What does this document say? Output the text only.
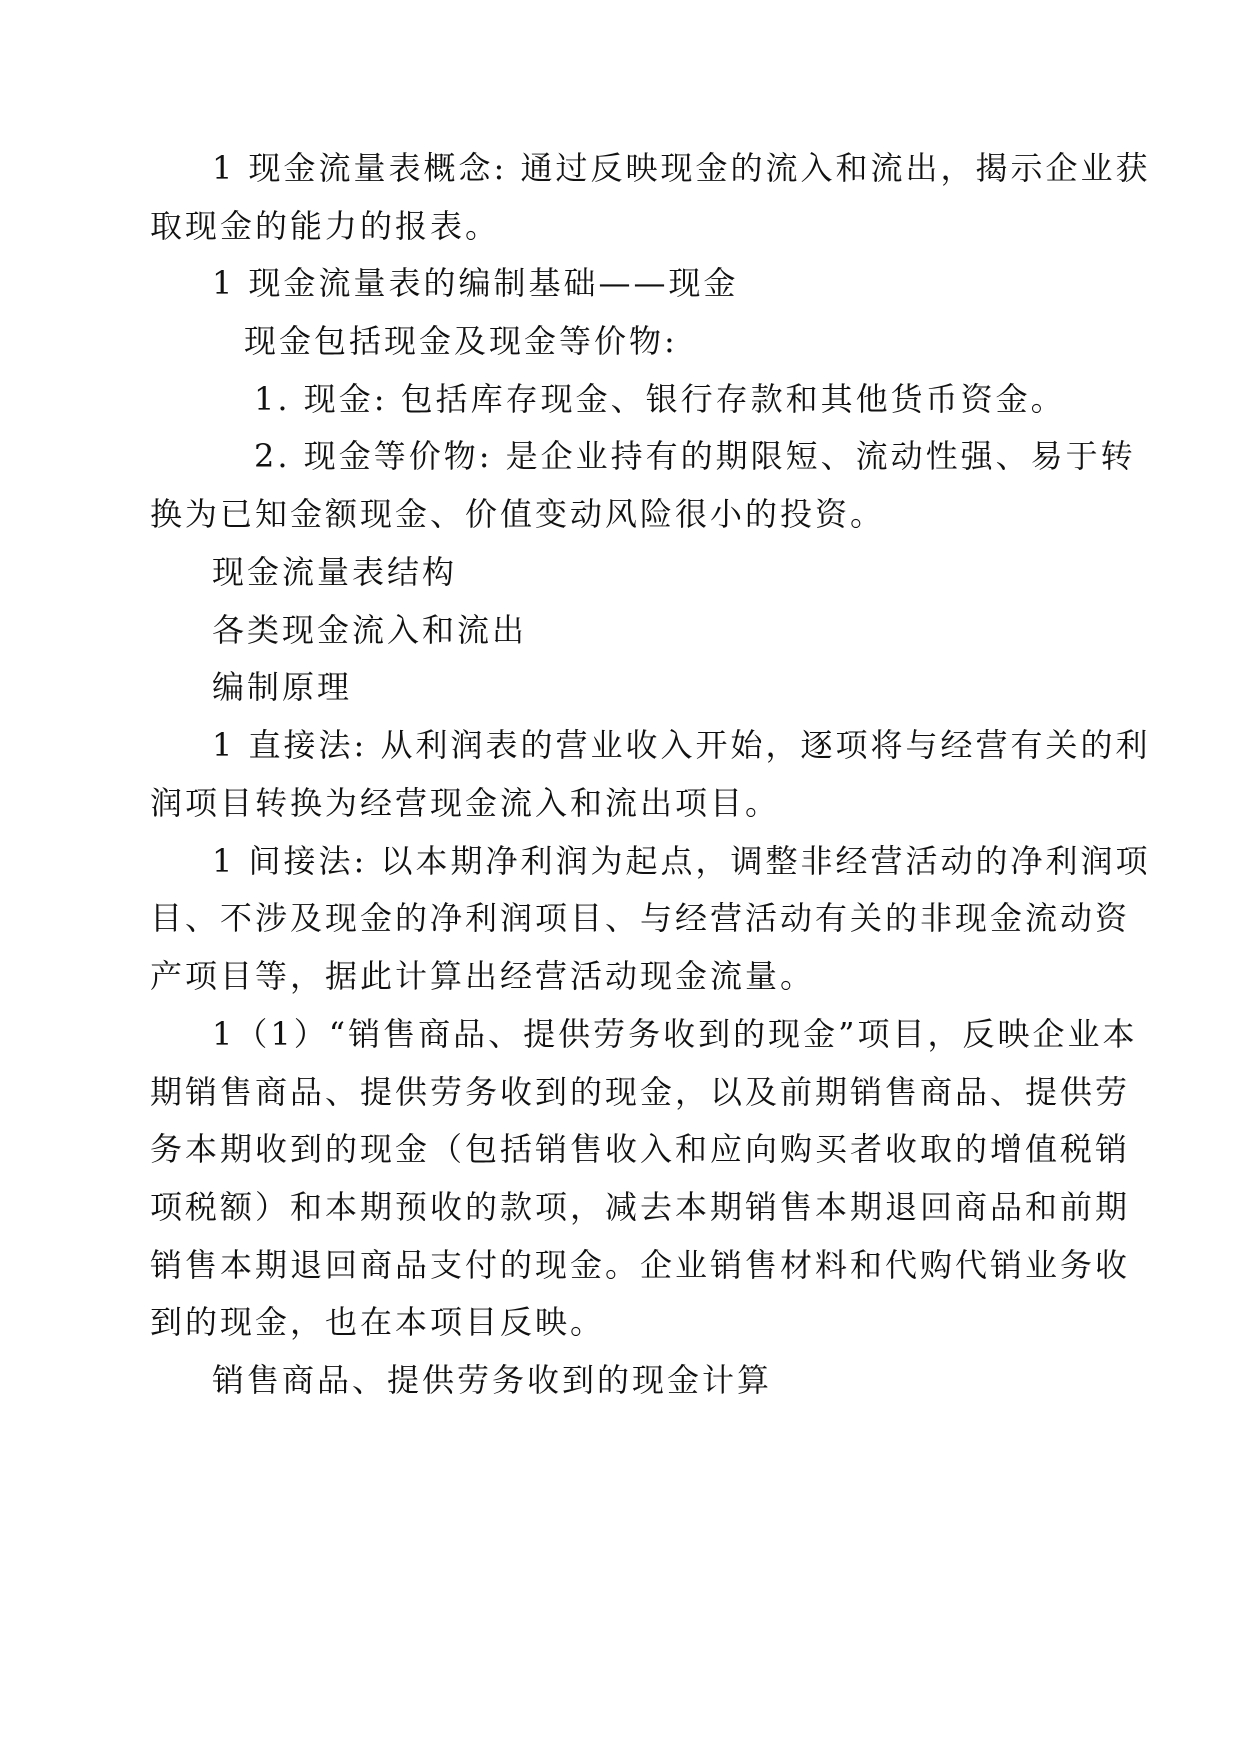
1 现金流量表概念: 通过反映现金的流入和流出，揭示企业获
取现金的能力的报表。
1 现金流量表的编制基础——现金
现金包括现金及现金等价物:
1. 现金: 包括库存现金、银行存款和其他货币资金。
2. 现金等价物: 是企业持有的期限短、流动性强、易于转
换为已知金额现金、价值变动风险很小的投资。
现金流量表结构
各类现金流入和流出
编制原理
1 直接法: 从利润表的营业收入开始，逐项将与经营有关的利
润项目转换为经营现金流入和流出项目。
1 间接法: 以本期净利润为起点，调整非经营活动的净利润项
目、不涉及现金的净利润项目、与经营活动有关的非现金流动资
产项目等，据此计算出经营活动现金流量。
1（1）“销售商品、提供劳务收到的现金”项目，反映企业本
期销售商品、提供劳务收到的现金，以及前期销售商品、提供劳
务本期收到的现金（包括销售收入和应向购买者收取的增值税销
项税额）和本期预收的款项，减去本期销售本期退回商品和前期
销售本期退回商品支付的现金。企业销售材料和代购代销业务收
到的现金，也在本项目反映。
销售商品、提供劳务收到的现金计算
